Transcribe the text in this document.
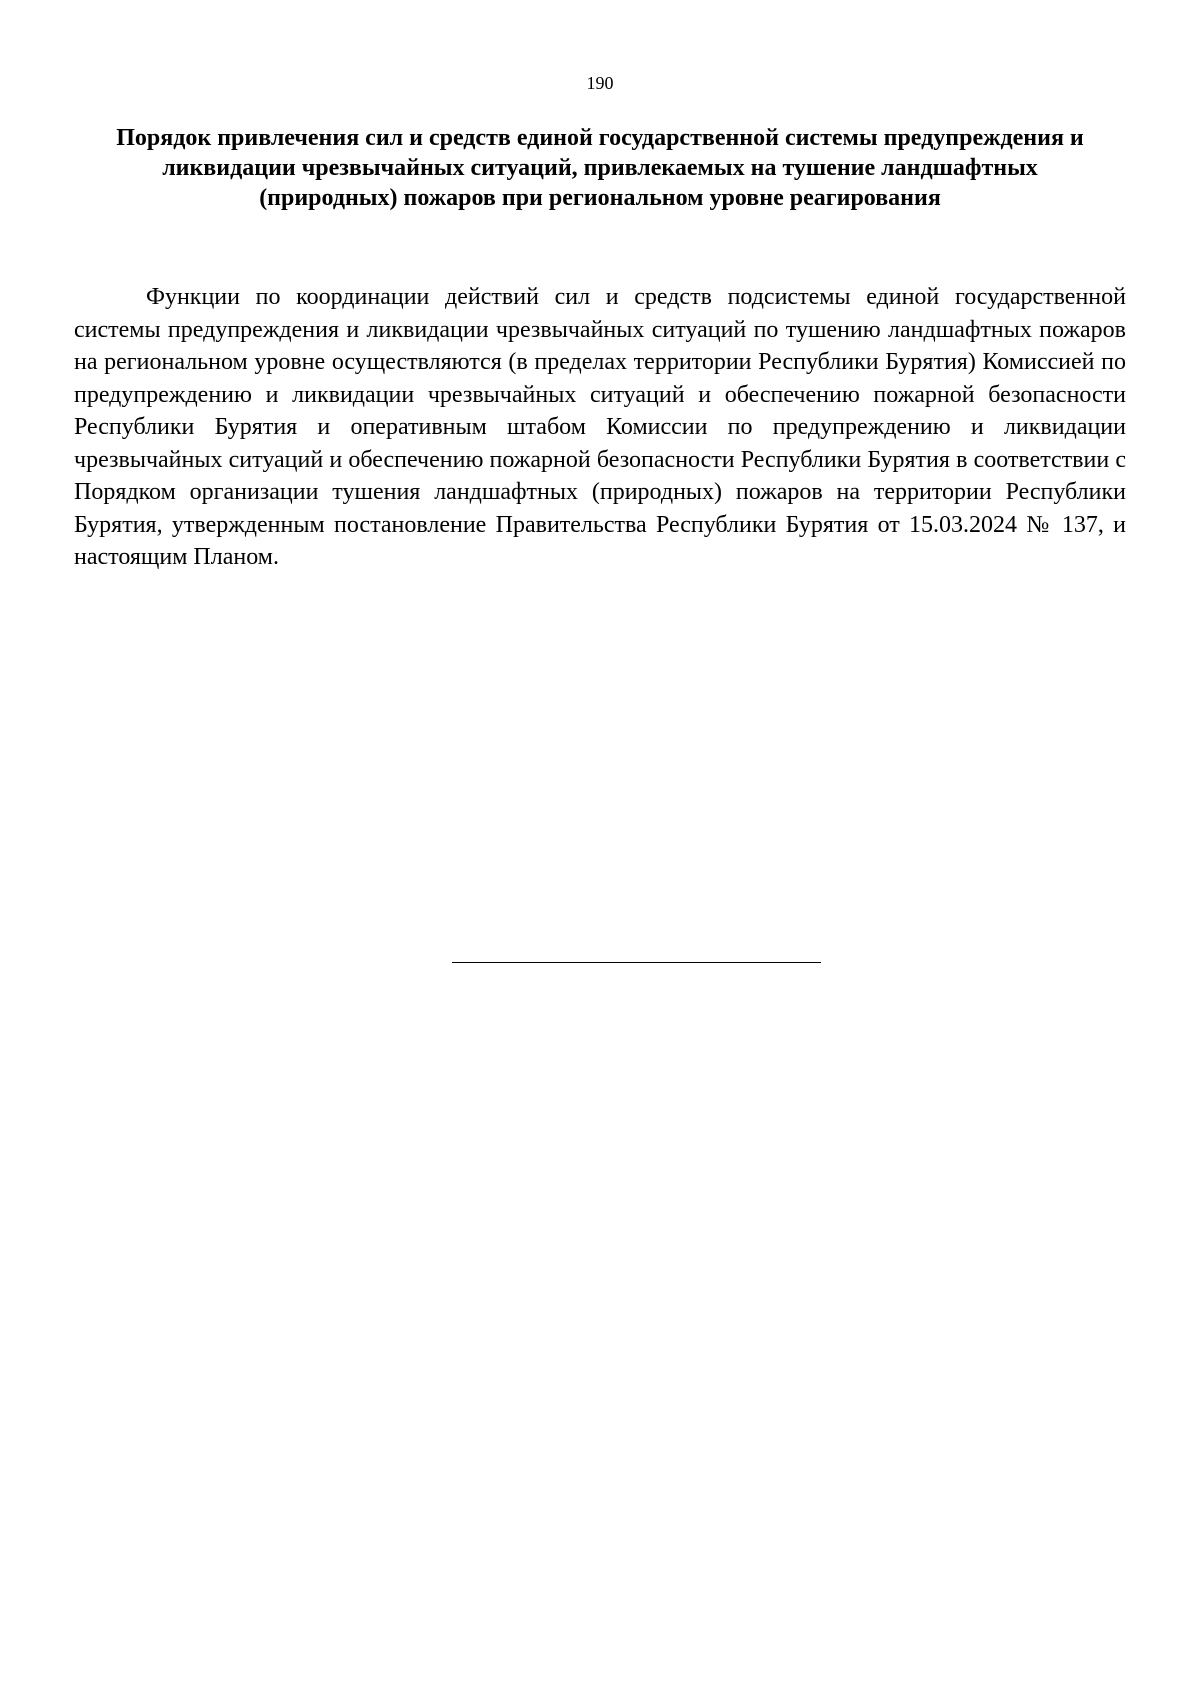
190
Порядок привлечения сил и средств единой государственной системы предупреждения и ликвидации чрезвычайных ситуаций, привлекаемых на тушение ландшафтных (природных) пожаров при региональном уровне реагирования

Функции по координации действий сил и средств подсистемы единой государственной системы предупреждения и ликвидации чрезвычайных ситуаций по тушению ландшафтных пожаров на региональном уровне осуществляются (в пределах территории Республики Бурятия) Комиссией по предупреждению и ликвидации чрезвычайных ситуаций и обеспечению пожарной безопасности Республики Бурятия и оперативным штабом Комиссии по предупреждению и ликвидации чрезвычайных ситуаций и обеспечению пожарной безопасности Республики Бурятия в соответствии с Порядком организации тушения ландшафтных (природных) пожаров на территории Республики Бурятия, утвержденным постановление Правительства Республики Бурятия от 15.03.2024 № 137, и настоящим Планом.
